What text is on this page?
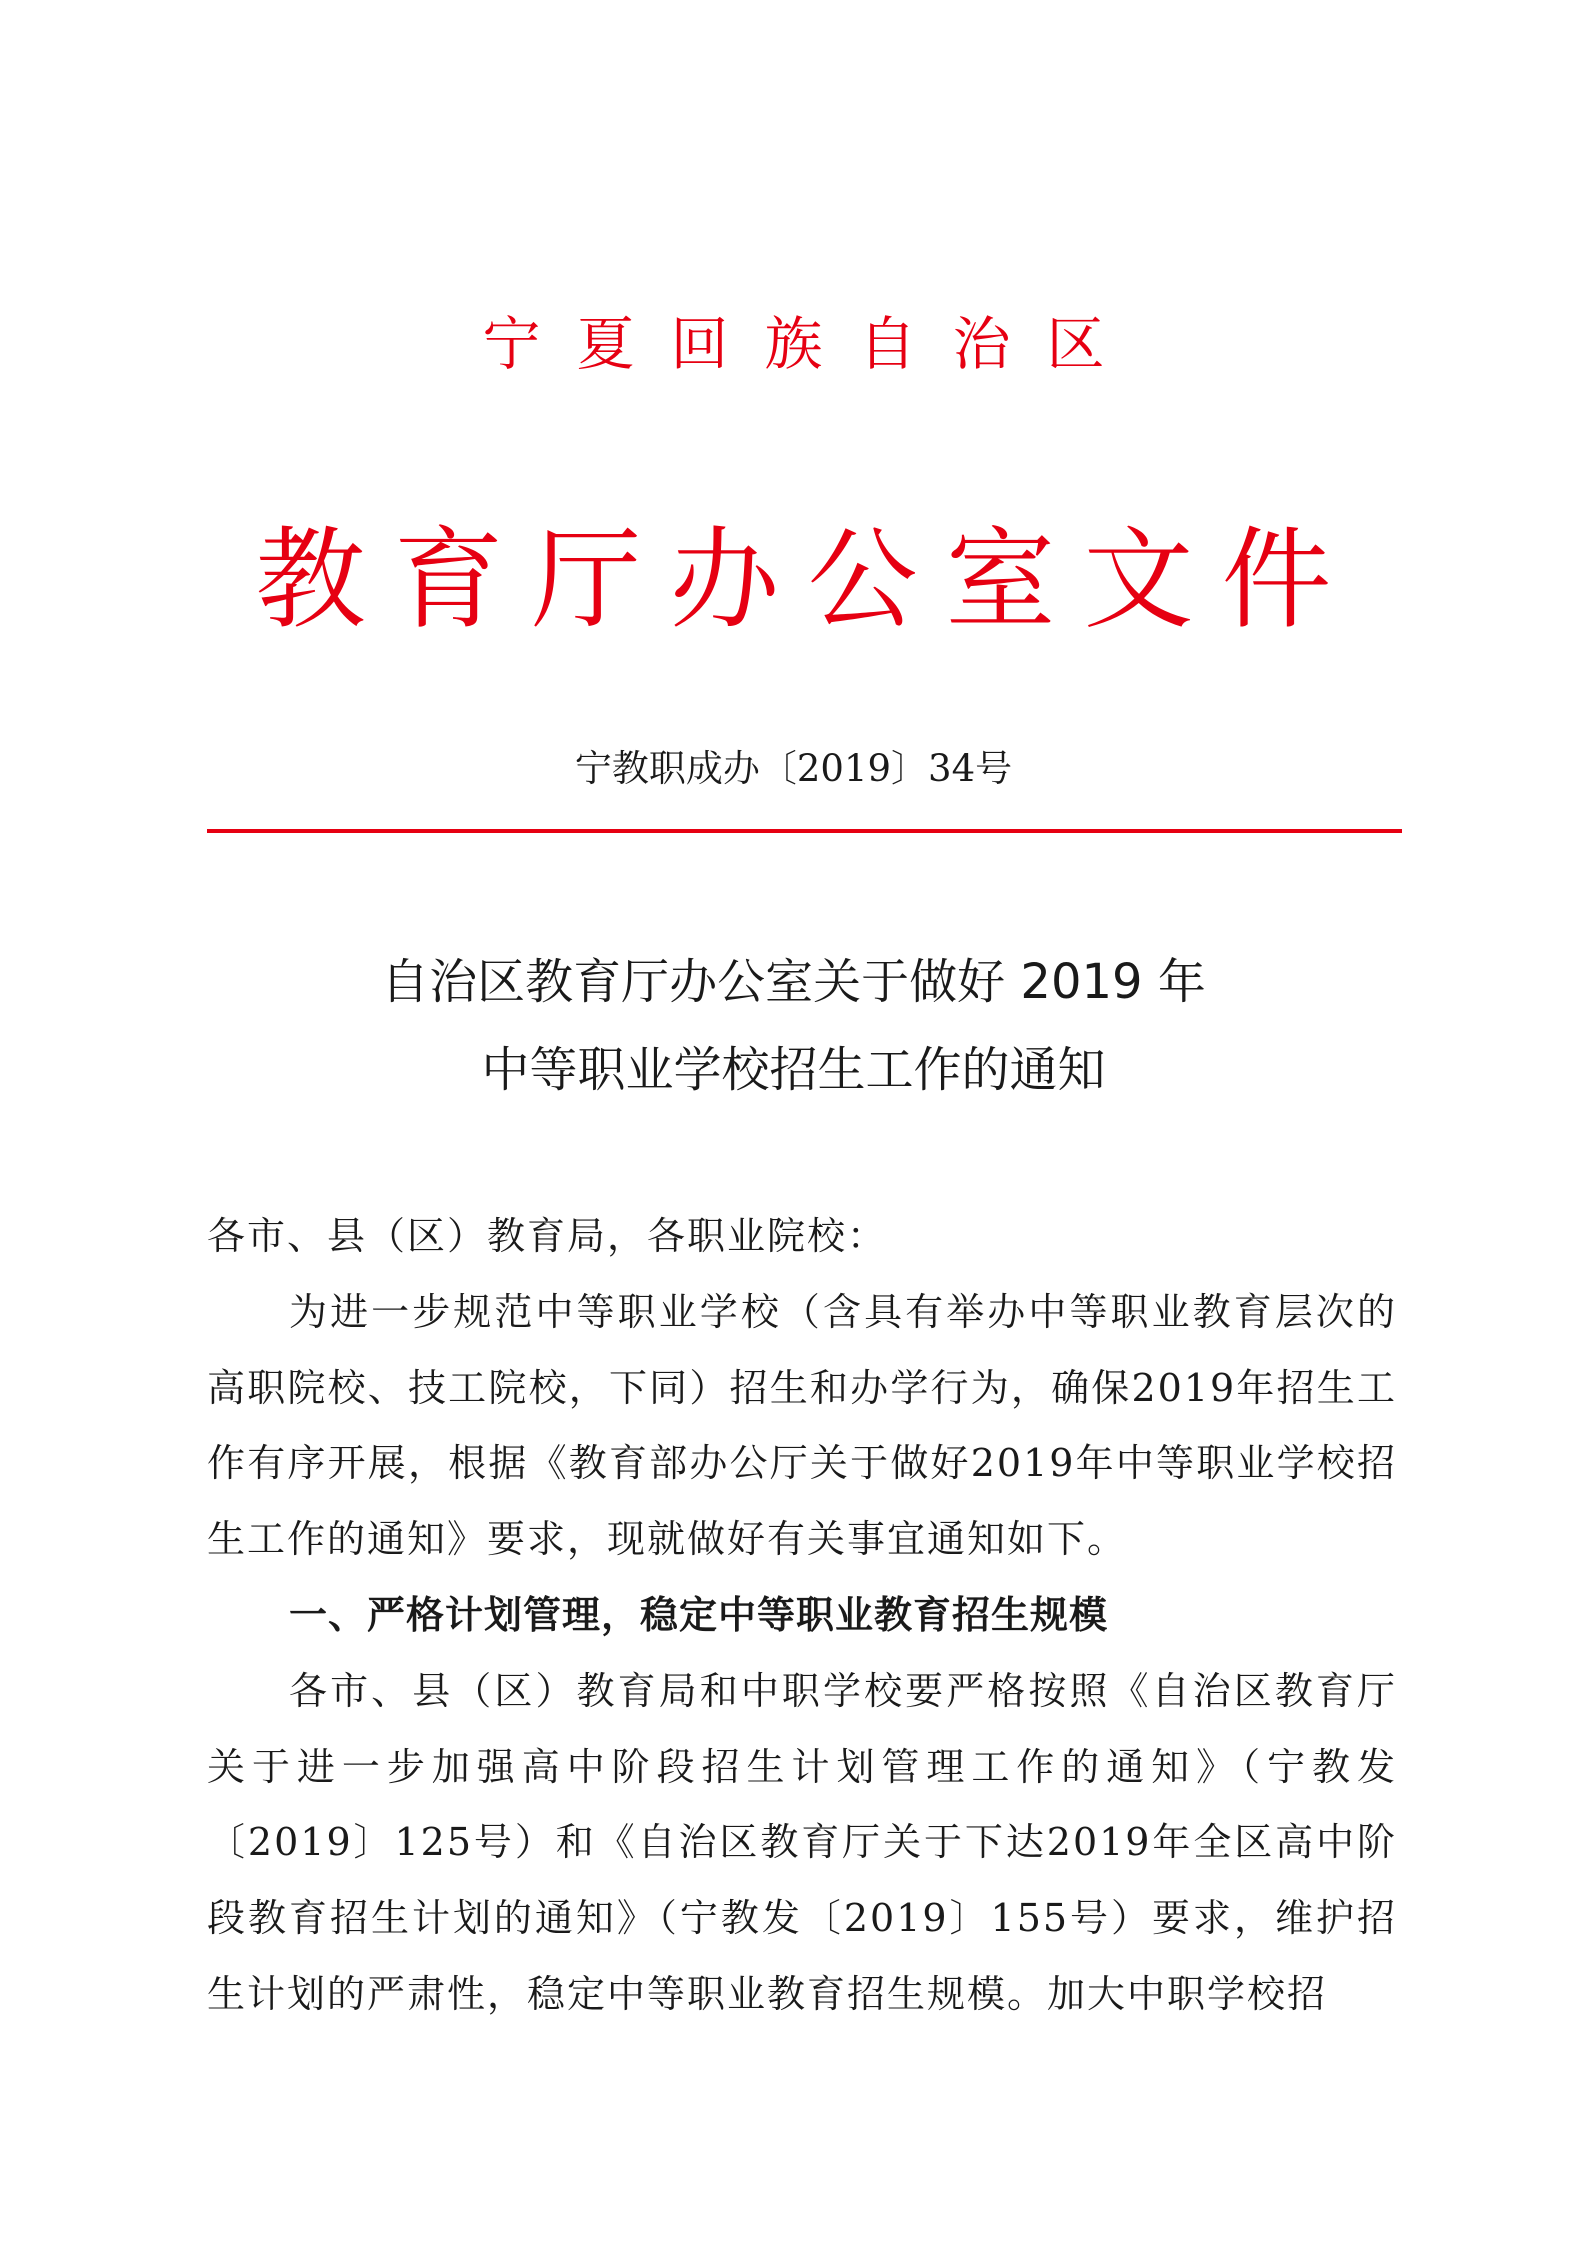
宁夏回族自治区
教育厅办公室文件
宁教职成办〔2019〕34号
自治区教育厅办公室关于做好 2019 年
中等职业学校招生工作的通知

各市、县（区）教育局，各职业院校：

为进一步规范中等职业学校（含具有举办中等职业教育层次的高职院校、技工院校，下同）招生和办学行为，确保2019年招生工作有序开展，根据《教育部办公厅关于做好2019年中等职业学校招生工作的通知》要求，现就做好有关事宜通知如下。

一、严格计划管理，稳定中等职业教育招生规模

各市、县（区）教育局和中职学校要严格按照《自治区教育厅关于进一步加强高中阶段招生计划管理工作的通知》（宁教发〔2019〕125号）和《自治区教育厅关于下达2019年全区高中阶段教育招生计划的通知》（宁教发〔2019〕155号）要求，维护招生计划的严肃性，稳定中等职业教育招生规模。加大中职学校招
